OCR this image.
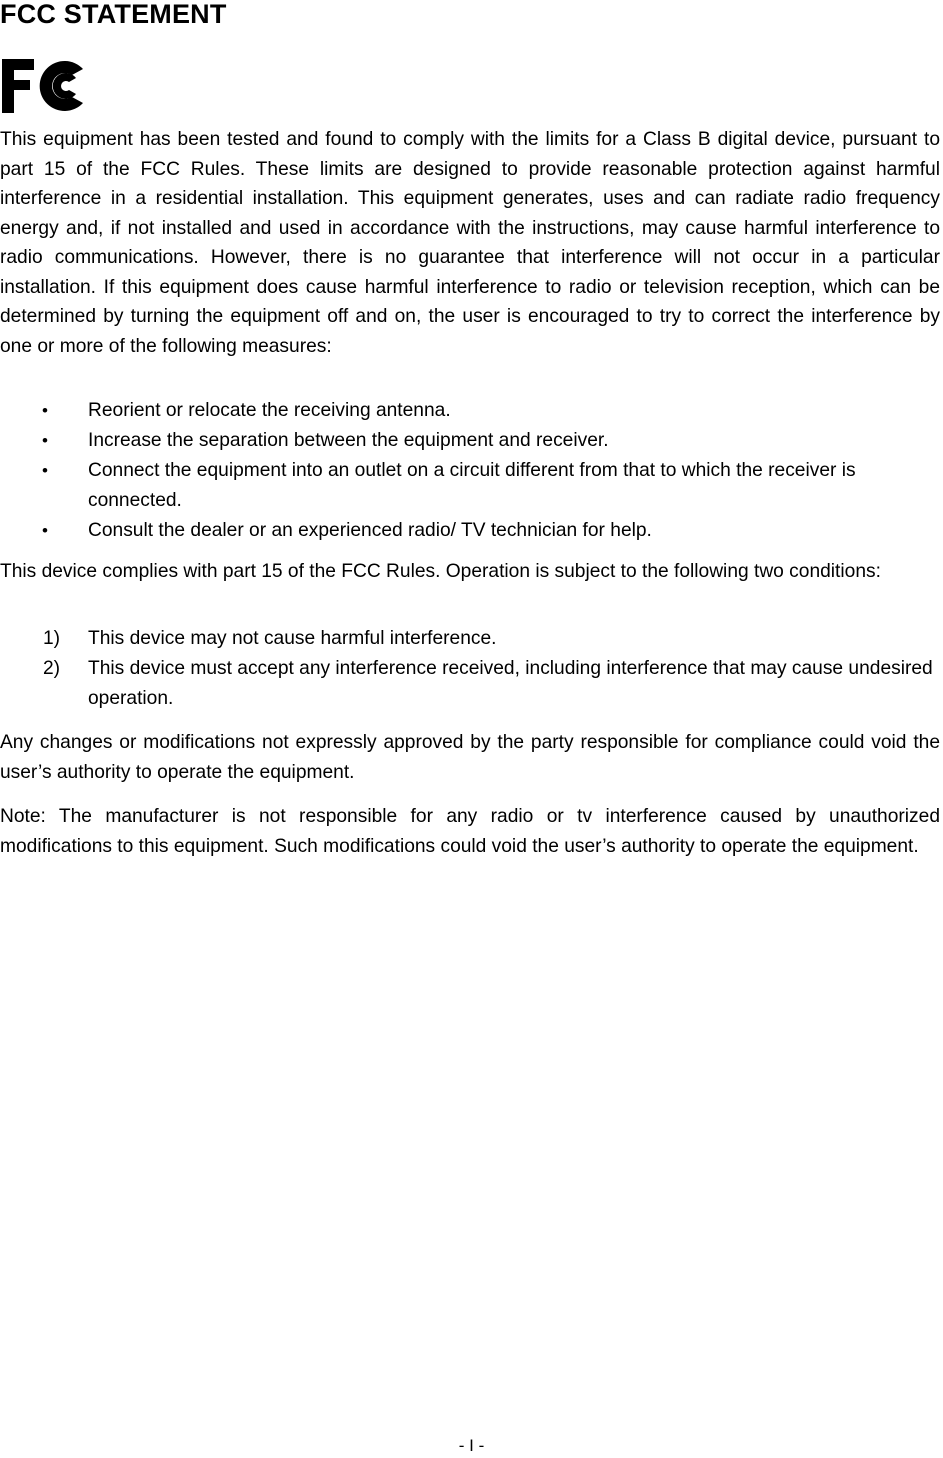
FCC STATEMENT

This equipment has been tested and found to comply with the limits for a Class B digital device, pursuant to part 15 of the FCC Rules. These limits are designed to provide reasonable protection against harmful interference in a residential installation. This equipment generates, uses and can radiate radio frequency energy and, if not installed and used in accordance with the instructions, may cause harmful interference to radio communications. However, there is no guarantee that interference will not occur in a particular installation. If this equipment does cause harmful interference to radio or television reception, which can be determined by turning the equipment off and on, the user is encouraged to try to correct the interference by one or more of the following measures:

•	Reorient or relocate the receiving antenna.
•	Increase the separation between the equipment and receiver.
•	Connect the equipment into an outlet on a circuit different from that to which the receiver is connected.
•	Consult the dealer or an experienced radio/ TV technician for help.

This device complies with part 15 of the FCC Rules. Operation is subject to the following two conditions:

1)	This device may not cause harmful interference.
2)	This device must accept any interference received, including interference that may cause undesired operation.

Any changes or modifications not expressly approved by the party responsible for compliance could void the user’s authority to operate the equipment.

Note: The manufacturer is not responsible for any radio or tv interference caused by unauthorized modifications to this equipment. Such modifications could void the user’s authority to operate the equipment.

- I -
